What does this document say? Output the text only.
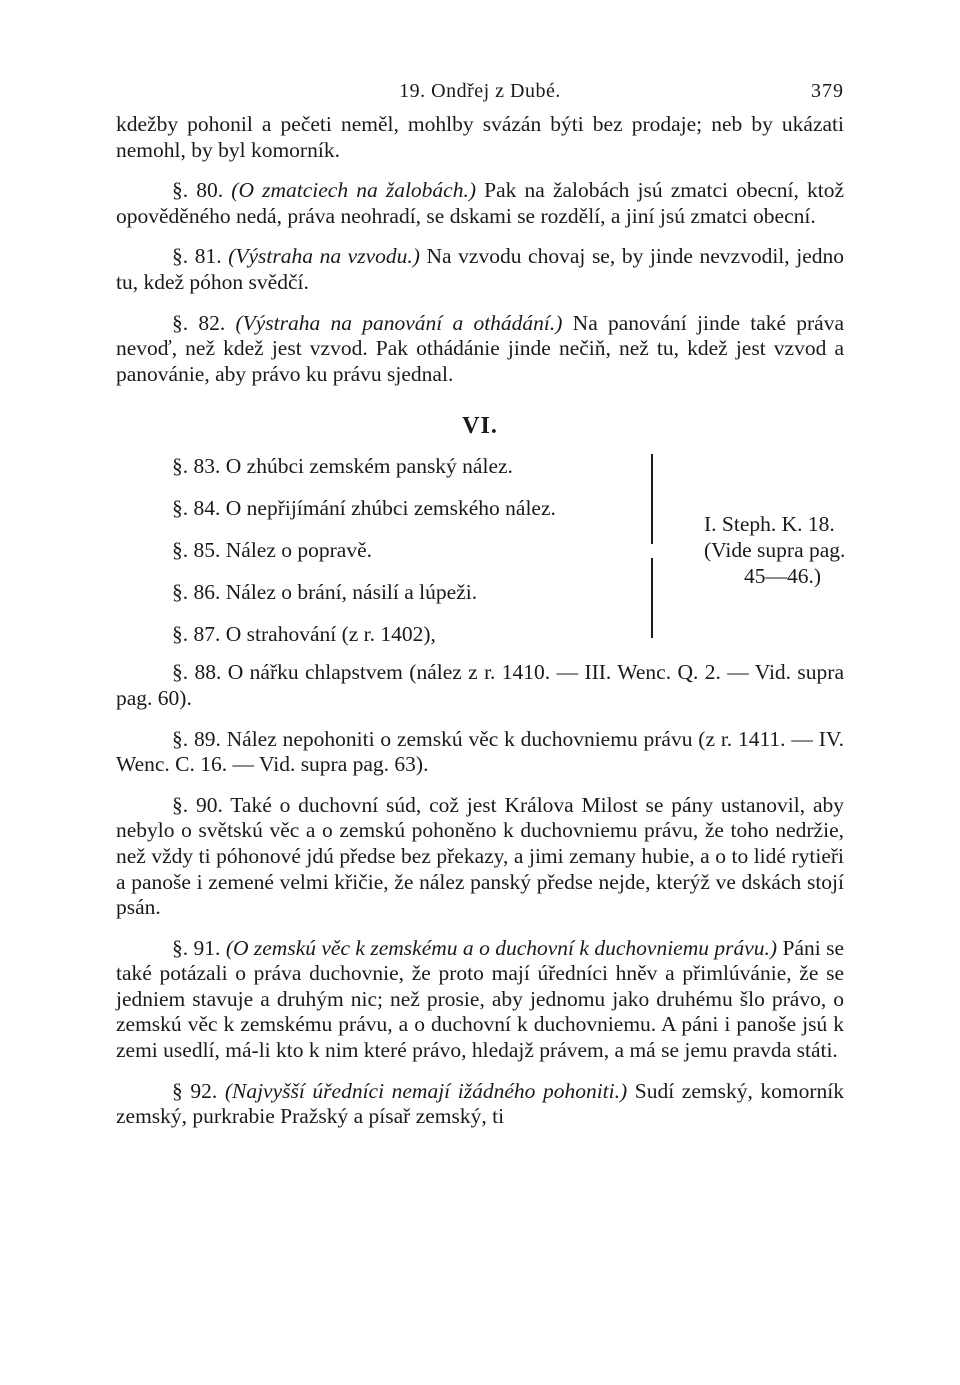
19. Ondřej z Dubé.	379

kdežby pohonil a pečeti neměl, mohlby svázán býti bez prodaje; neb by ukázati nemohl, by byl komorník.

§. 80. (O zmatciech na žalobách.) Pak na žalobách jsú zmatci obecní, ktož opověděného nedá, práva neohradí, se dskami se rozdělí, a jiní jsú zmatci obecní.

§. 81. (Výstraha na vzvodu.) Na vzvodu chovaj se, by jinde nevzvodil, jedno tu, kdež póhon svědčí.

§. 82. (Výstraha na panování a othádání.) Na panování jinde také práva nevoď, než kdež jest vzvod. Pak othádánie jinde nečiň, než tu, kdež jest vzvod a panovánie, aby právo ku právu sjednal.

VI.
§. 83. O zhúbci zemském panský nález.
§. 84. O nepřijímání zhúbci zemského nález.
§. 85. Nález o popravě.
§. 86. Nález o brání, násilí a lúpeži.
§. 87. O strahování (z r. 1402),
I. Steph. K. 18.
(Vide supra pag.
45—46.)

§. 88. O nářku chlapstvem (nález z r. 1410. — III. Wenc. Q. 2. — Vid. supra pag. 60).

§. 89. Nález nepohoniti o zemskú věc k duchovniemu právu (z r. 1411. — IV. Wenc. C. 16. — Vid. supra pag. 63).

§. 90. Také o duchovní súd, což jest Králova Milost se pány ustanovil, aby nebylo o světskú věc a o zemskú pohoněno k duchovniemu právu, že toho nedržie, než vždy ti póhonové jdú předse bez překazy, a jimi zemany hubie, a o to lidé rytieři a panoše i zemené velmi křičie, že nález panský předse nejde, kterýž ve dskách stojí psán.

§. 91. (O zemskú věc k zemskému a o duchovní k duchovniemu právu.) Páni se také potázali o práva duchovnie, že proto mají úředníci hněv a přimlúvánie, že se jedniem stavuje a druhým nic; než prosie, aby jednomu jako druhému šlo právo, o zemskú věc k zemskému právu, a o duchovní k duchovniemu. A páni i panoše jsú k zemi usedlí, má-li kto k nim které právo, hledajž právem, a má se jemu pravda státi.

§ 92. (Najvyšší úředníci nemají ižádného pohoniti.) Sudí zemský, komorník zemský, purkrabie Pražský a písař zemský, ti
